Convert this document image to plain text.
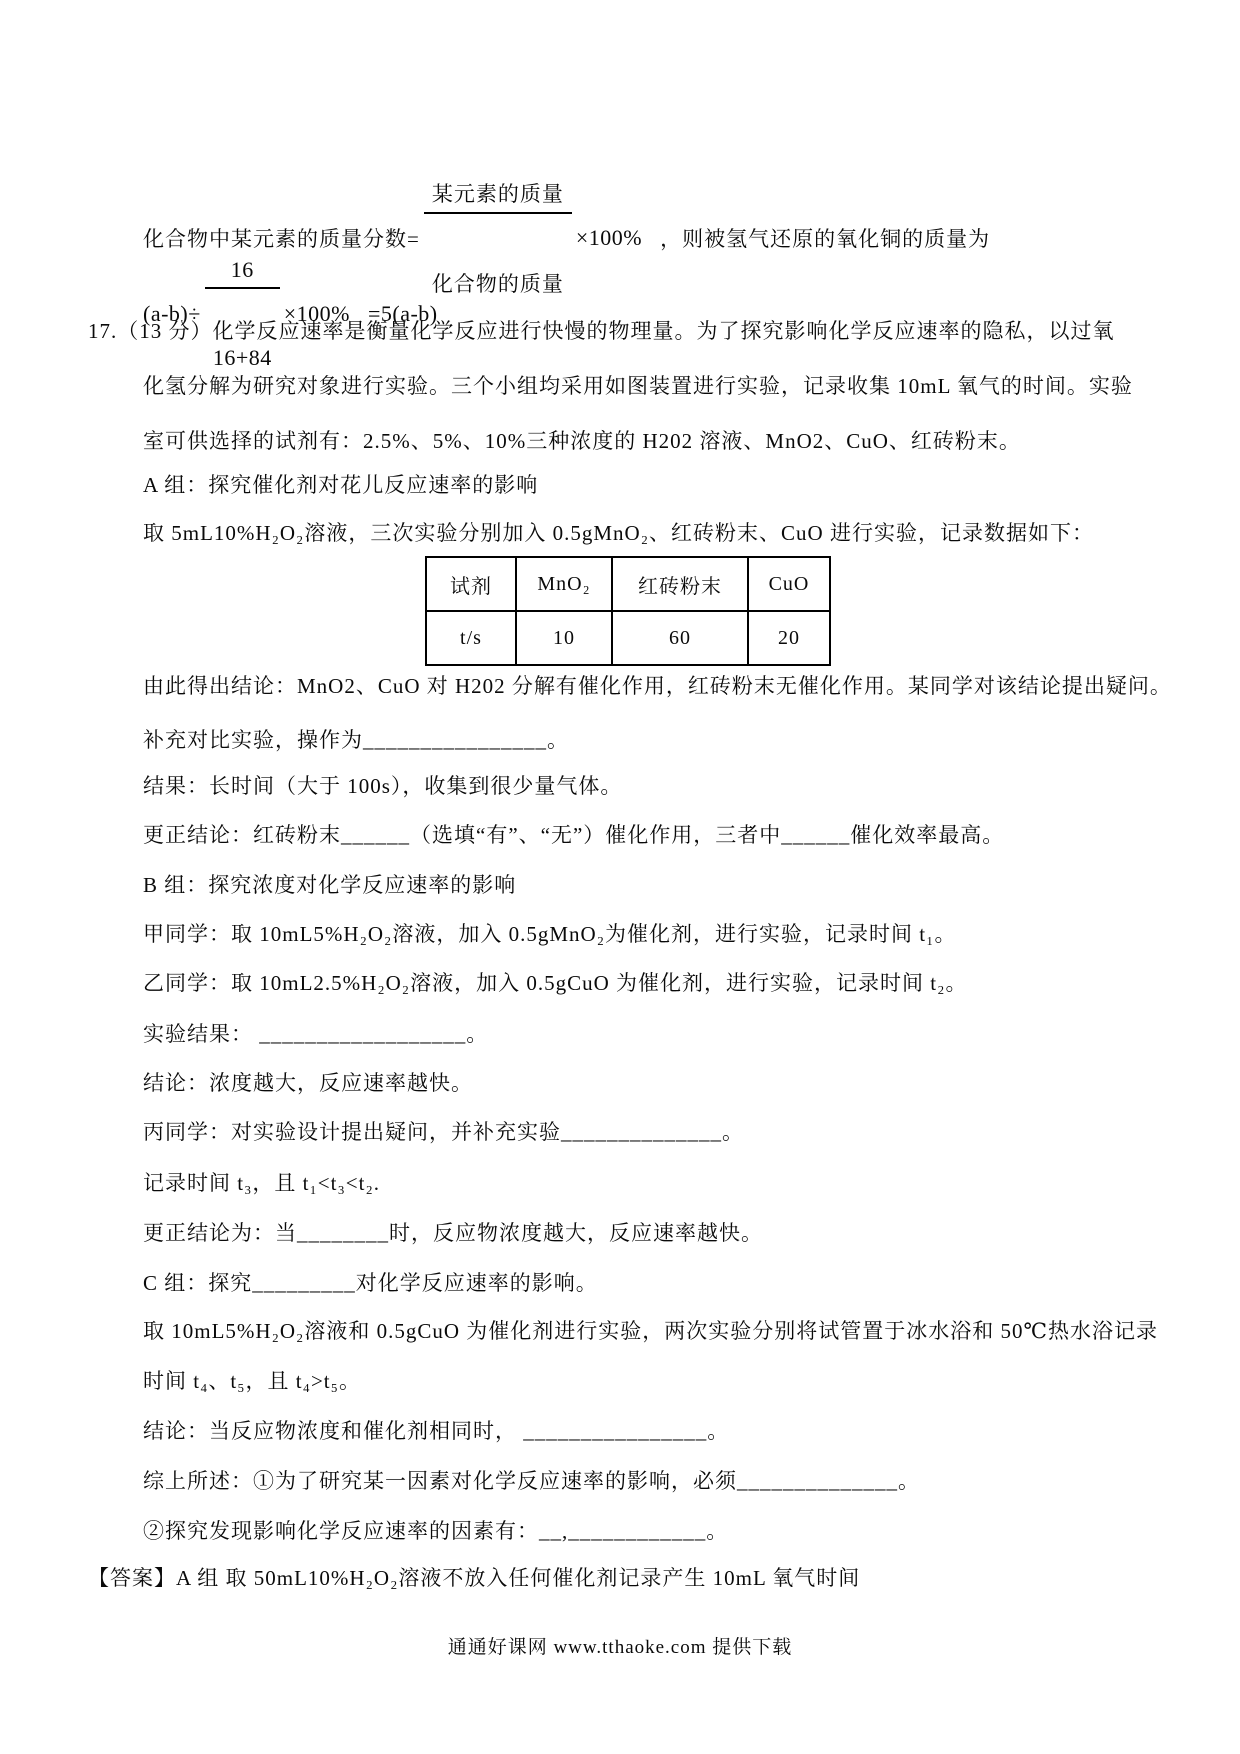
化合物中某元素的质量分数=

$\frac{\text{某元素的质量}}{\text{化合物的质量}}$

×100% ，则被氢气还原的氧化铜的质量为
(a-b)÷

$\frac{16}{16+84}$

×100% =5(a-b)
17.（13 分）化学反应速率是衡量化学反应进行快慢的物理量。为了探究影响化学反应速率的隐私，以过氧
化氢分解为研究对象进行实验。三个小组均采用如图装置进行实验，记录收集 10mL 氧气的时间。实验
室可供选择的试剂有：2.5%、5%、10%三种浓度的 H202 溶液、MnO2、CuO、红砖粉末。
A 组：探究催化剂对花儿反应速率的影响
取 5mL10%H₂O₂溶液，三次实验分别加入 0.5gMnO₂、红砖粉末、CuO 进行实验，记录数据如下：
试剂	MnO₂	红砖粉末	CuO
t/s	10	60	20
由此得出结论：MnO2、CuO 对 H202 分解有催化作用，红砖粉末无催化作用。某同学对该结论提出疑问。
补充对比实验，操作为________________。
结果：长时间（大于 100s），收集到很少量气体。
更正结论：红砖粉末______（选填“有”、“无”）催化作用，三者中______催化效率最高。
B 组：探究浓度对化学反应速率的影响
甲同学：取 10mL5%H₂O₂溶液，加入 0.5gMnO₂为催化剂，进行实验，记录时间 t₁。
乙同学：取 10mL2.5%H₂O₂溶液，加入 0.5gCuO 为催化剂，进行实验，记录时间 t₂。
实验结果： __________________。
结论：浓度越大，反应速率越快。
丙同学：对实验设计提出疑问，并补充实验______________。
记录时间 t₃，且 t₁<t₃<t₂.
更正结论为：当________时，反应物浓度越大，反应速率越快。
C 组：探究_________对化学反应速率的影响。
取 10mL5%H₂O₂溶液和 0.5gCuO 为催化剂进行实验，两次实验分别将试管置于冰水浴和 50℃热水浴记录
时间 t₄、t₅，且 t₄>t₅。
结论：当反应物浓度和催化剂相同时， ________________。
综上所述：①为了研究某一因素对化学反应速率的影响，必须______________。
②探究发现影响化学反应速率的因素有：__,____________。
【答案】A 组 取 50mL10%H₂O₂溶液不放入任何催化剂记录产生 10mL 氧气时间
通通好课网 www.tthaoke.com 提供下载
